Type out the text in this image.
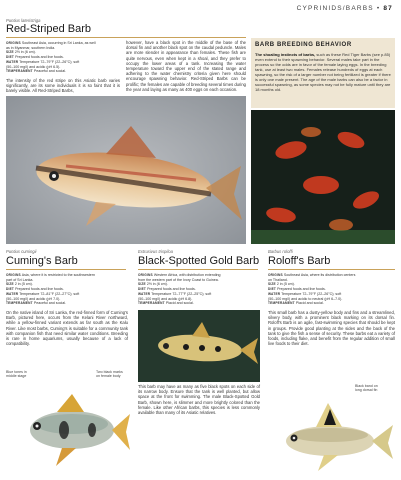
CYPRINIDS/BARBS • 87
Puntius lateristriga
Red-Striped Barb
ORIGINS Southeast Asia, occurring in Sri Lanka, as well
as in Myanmar, southern India.
SIZE 2½ in (6 cm).
DIET Prepared foods and live foods.
WATER Temperature 72–79°F (22–26°C); soft
(50–100 mg/l) and acidic (pH 6.5).
TEMPERAMENT Peaceful and social.
The intensity of the red stripe on this Asiatic barb varies significantly, are its some individuals it is so faint that it is barely visible. All Red-Striped Barbs,
however, have a black spot in the middle of the base of the dorsal fin and another black spot on the caudal peduncle. Males are more slender in appearance than females. These fish are quite nervous, even when kept in a shoal, and they prefer to occupy the lower areas of a tank. Increasing the water temperature toward the upper end of the stated range and adhering to the water chemistry criteria given here should encourage spawning behavior. Red-Striped Barbs can be prolific; the females are capable of breeding several times during the year and laying as many as 400 eggs on each occasion.
BARB BREEDING BEHAVIOR
The shoaling instincts of barbs, such as these Red Tiger Barbs (see p.85) even extend to their spawning behavior. Several males take part in the process so the odds are in favor of the female laying eggs. In the breeding tank, use at least two males. Females release hundreds of eggs at each spawning, so the risk of a larger number not being fertilized is greater if there is only one male present. The age of the male barbs can also be a factor in successful spawning, as some species may not be fully mature until they are 18 months old.
Puntius cumingii
Cuming's Barb
Extrusivus trispiloa
Black-Spotted Gold Barb
Barbus roloffi
Roloff's Barb
ORIGINS Asia, where it is restricted to the southwestern
part of Sri Lanka.
SIZE 2 in (5 cm).
DIET Prepared foods and live foods.
WATER Temperature 72–81°F (22–27°C); soft
(50–100 mg/l) and acidic (pH 7.0).
TEMPERAMENT Peaceful and social.
ORIGINS Western Africa, with distribution extending
from the western part of the Ivory Coast to Guinea.
SIZE 2½ in (6 cm).
DIET Prepared foods and live foods.
WATER Temperature 72–77°F (22–25°C); soft
(50–100 mg/l) and acidic (pH 6.8).
TEMPERAMENT Placid and social.
ORIGINS Southeast Asia, where its distribution centers
on Thailand.
SIZE 2 in (5 cm).
DIET Prepared foods and live foods.
WATER Temperature 72–79°F (22–26°C); soft
(50–100 mg/l) and acidic to neutral (pH 6–7.0).
TEMPERAMENT Placid and social.
On the native island of Sri Lanka, the red-finned form of Cuming's Barb, pictured here, occurs from the Kelani River northward, while a yellow-finned variant extends as far south as the Kalu River. Like most barbs, Cuming's is suitable for a community tank with companion fish that need similar water conditions. Breeding is rare in home aquariums, usually because of a lack of compatibility.
Blue tones in
middle stage
Two black marks
on female body
This barb may have as many as five black spots on each side of its narrow body. Ensure that the tank is well planted, but allow space at the front for swimming. The male Black-Spotted Gold Barb, shown here, is slimmer and more brightly colored than the female. Like other African barbs, this species is less commonly available than many of its Asiatic relatives.
This small barb has a dusty-yellow body and fins and a streamlined, silvery body, with a prominent black marking on its dorsal fin. Roloff's Barb is an agile, fast-swimming species that should be kept in groups. Provide good planting at the sides and the back of the tank to give the fish a sense of security. These barbs eat a variety of foods, including flake, and benefit from the regular addition of small live foods to their diet.
Black band on
long dorsal fin
